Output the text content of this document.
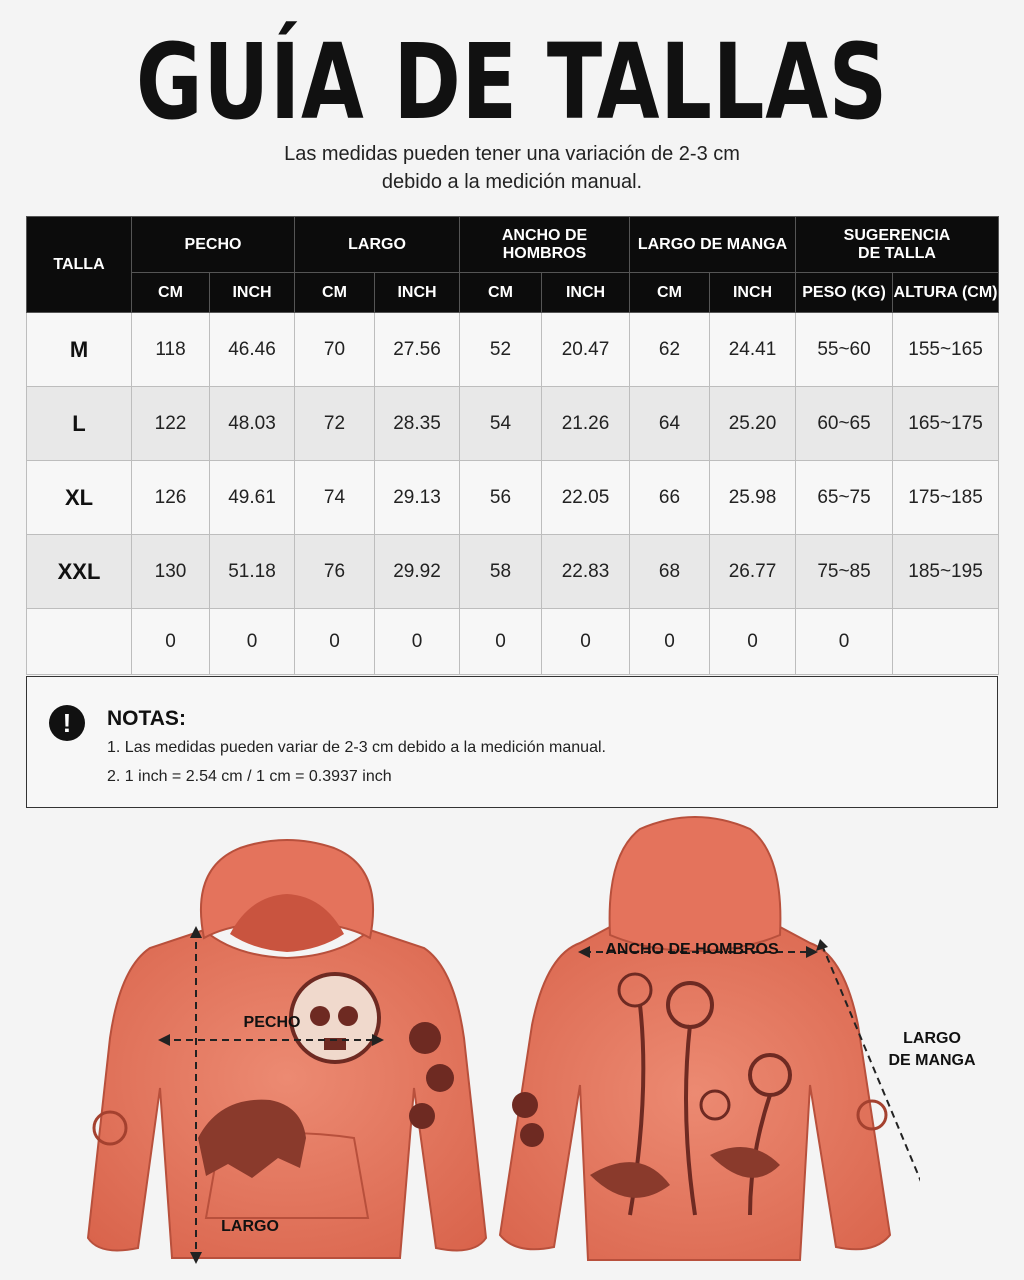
GUÍA DE TALLAS
Las medidas pueden tener una variación de 2-3 cm
debido a la medición manual.
TALLA	PECHO		LARGO		ANCHO DE HOMBROS		LARGO DE MANGA		SUGERENCIA
DE TALLA	

	CM	INCH	CM	INCH	CM	INCH	CM	INCH	PESO (KG)	ALTURA (CM)
M	118	46.46	70	27.56	52	20.47	62	24.41	55~60	155~165
L	122	48.03	72	28.35	54	21.26	64	25.20	60~65	165~175
XL	126	49.61	74	29.13	56	22.05	66	25.98	65~75	175~185
XXL	130	51.18	76	29.92	58	22.83	68	26.77	75~85	185~195
	0	0	0	0	0	0	0	0	0	
!	NOTAS:
1. Las medidas pueden variar de 2-3 cm debido a la medición manual.
2. 1 inch = 2.54 cm / 1 cm = 0.3937 inch
PECHO
LARGO
ANCHO DE HOMBROS
LARGO
DE MANGA
